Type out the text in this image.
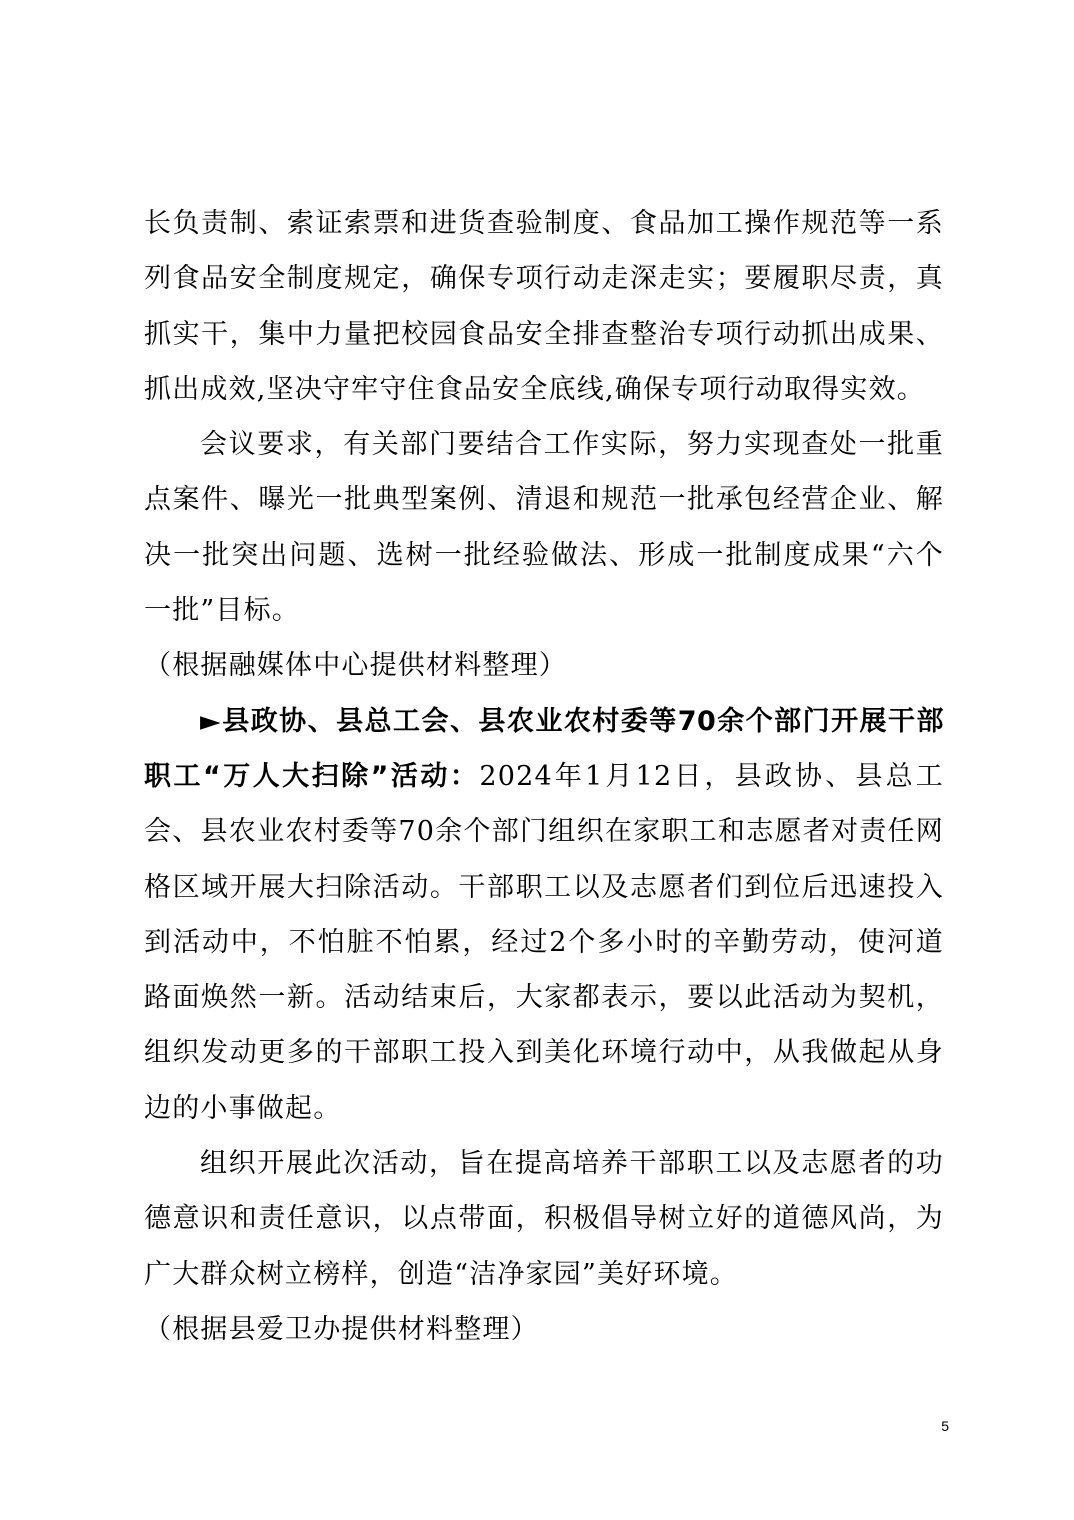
长负责制、索证索票和进货查验制度、食品加工操作规范等一系列食品安全制度规定，确保专项行动走深走实；要履职尽责，真抓实干，集中力量把校园食品安全排查整治专项行动抓出成果、抓出成效,坚决守牢守住食品安全底线,确保专项行动取得实效。

会议要求，有关部门要结合工作实际，努力实现查处一批重点案件、曝光一批典型案例、清退和规范一批承包经营企业、解决一批突出问题、选树一批经验做法、形成一批制度成果“六个一批”目标。

（根据融媒体中心提供材料整理）

►县政协、县总工会、县农业农村委等70余个部门开展干部职工“万人大扫除”活动：2024年1月12日，县政协、县总工会、县农业农村委等70余个部门组织在家职工和志愿者对责任网格区域开展大扫除活动。干部职工以及志愿者们到位后迅速投入到活动中，不怕脏不怕累，经过2个多小时的辛勤劳动，使河道路面焕然一新。活动结束后，大家都表示，要以此活动为契机，组织发动更多的干部职工投入到美化环境行动中，从我做起从身边的小事做起。

组织开展此次活动，旨在提高培养干部职工以及志愿者的功德意识和责任意识，以点带面，积极倡导树立好的道德风尚，为广大群众树立榜样，创造“洁净家园”美好环境。

（根据县爱卫办提供材料整理）

5
